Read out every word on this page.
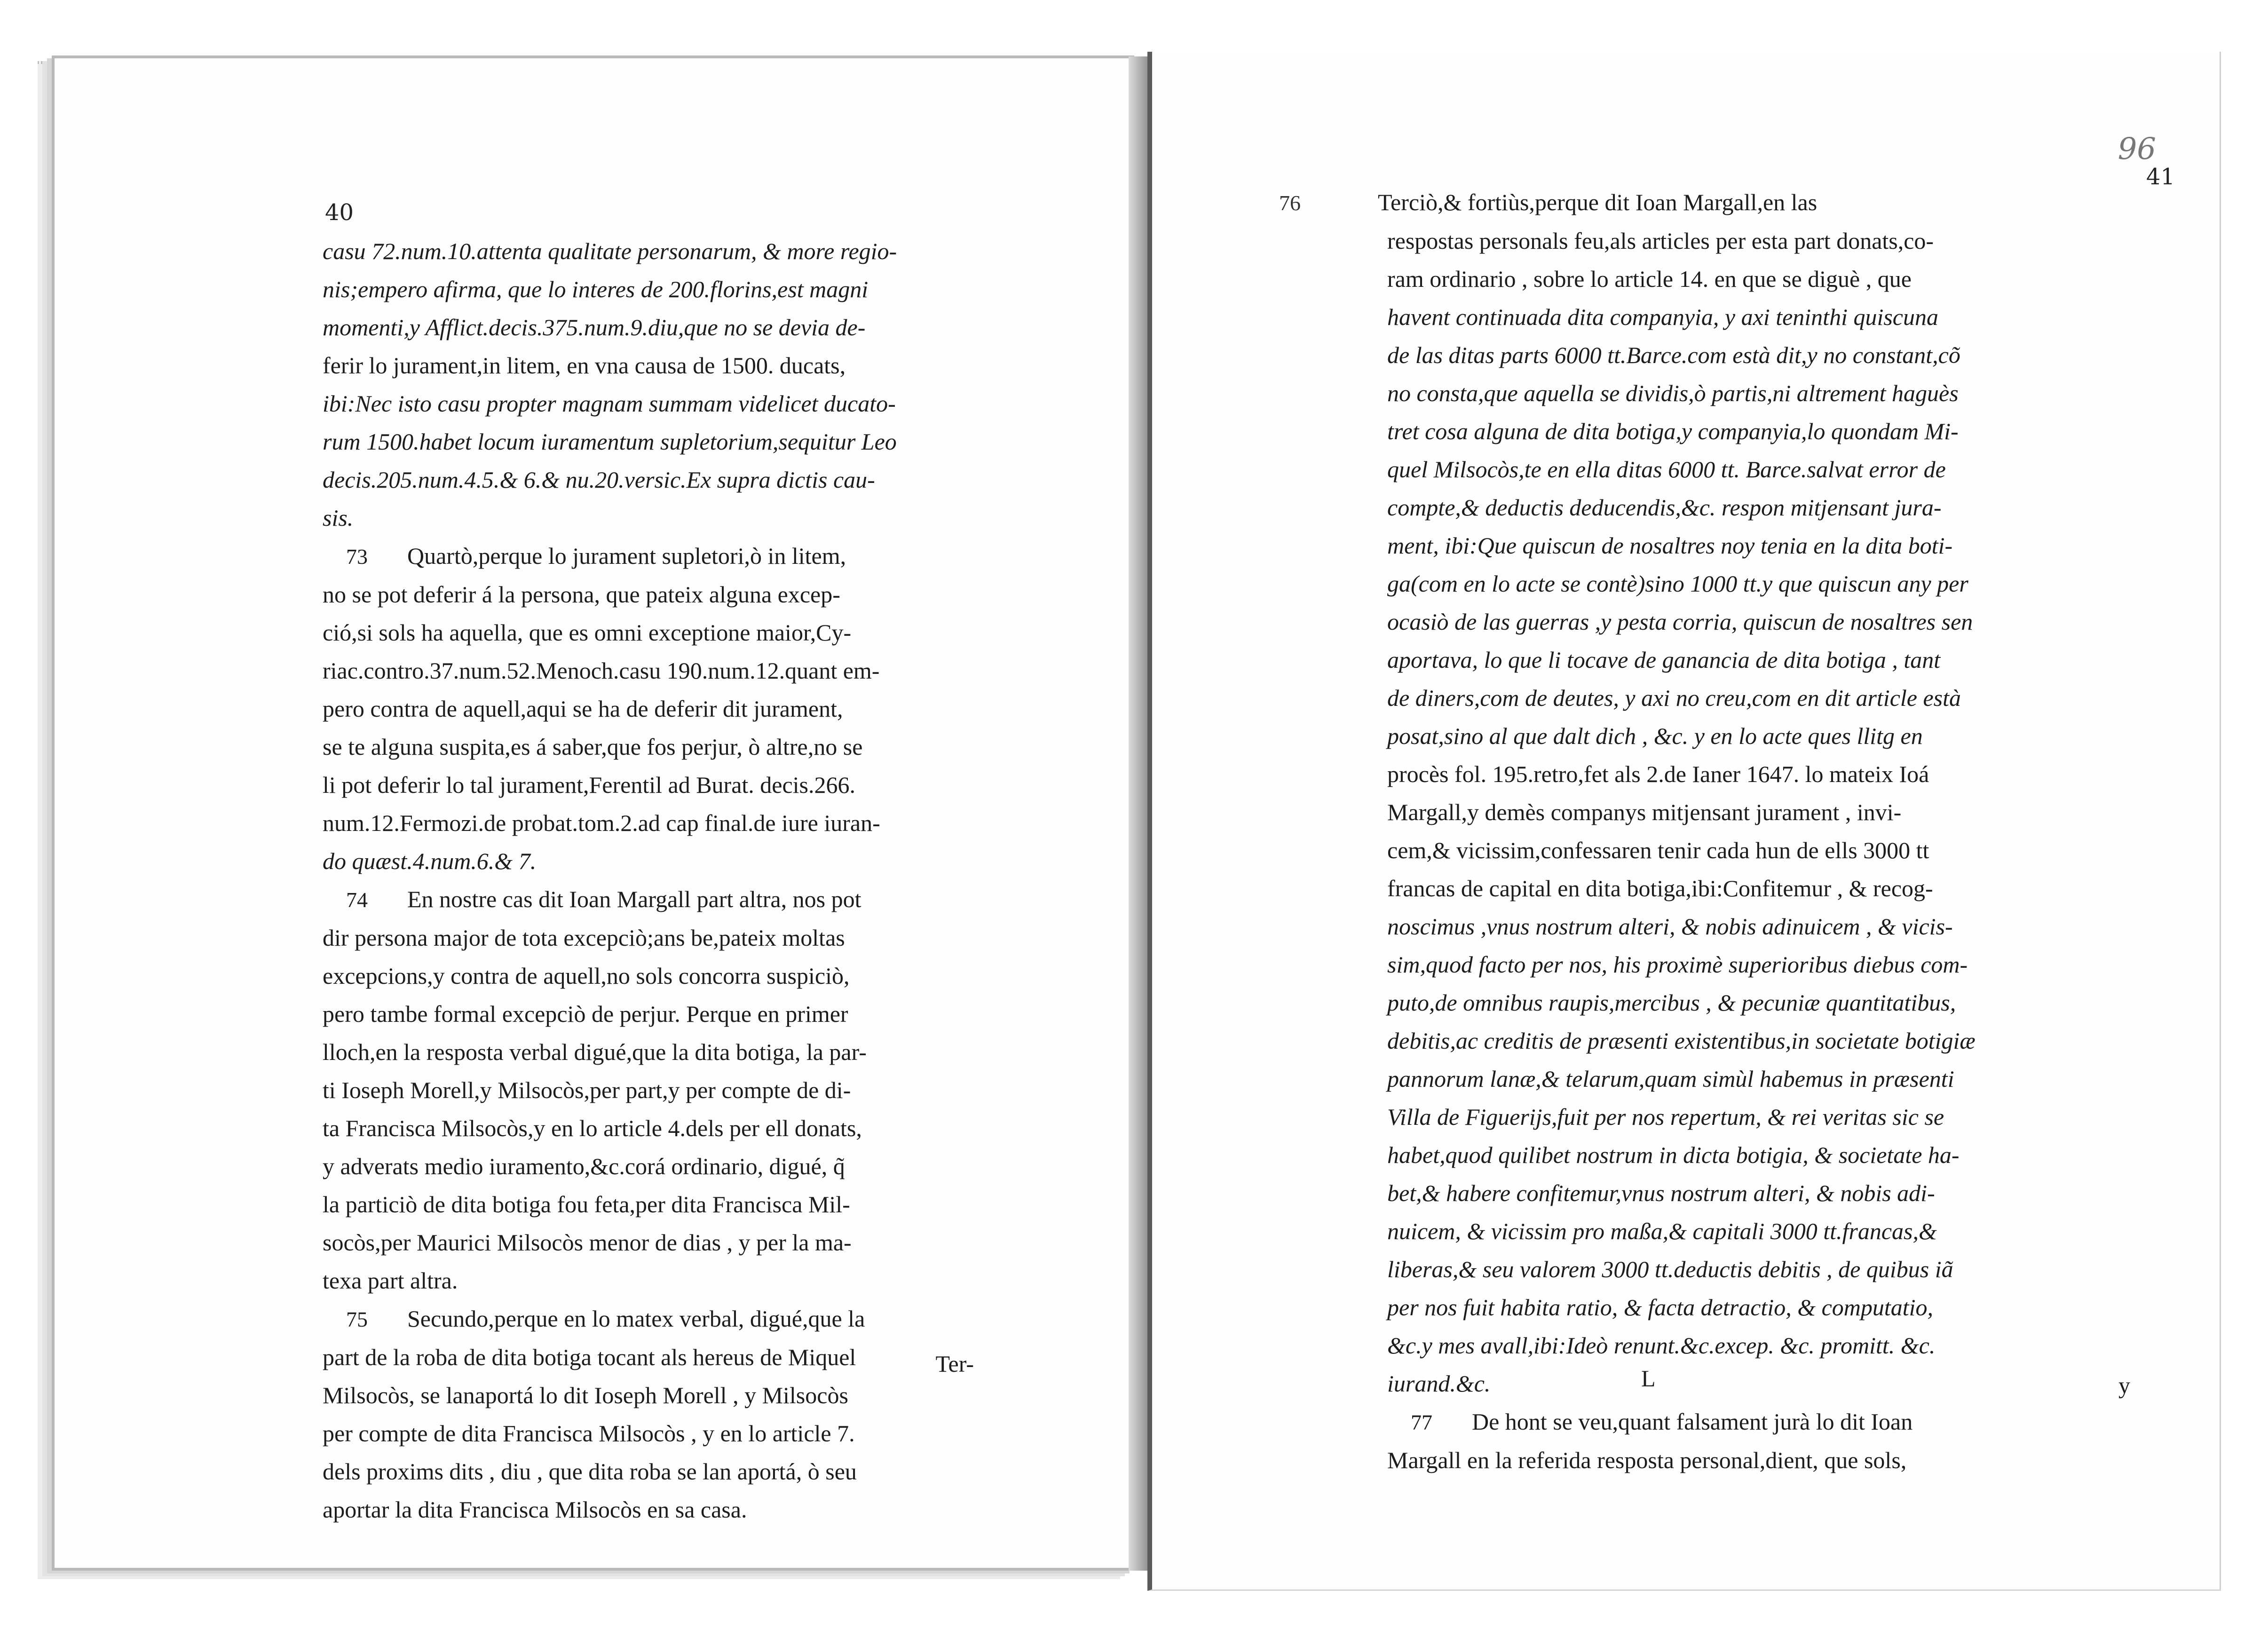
40
casu 72.num.10.attenta qualitate personarum, & more regio-
nis;empero afirma, que lo interes de 200.florins,est magni
momenti,y Afflict.decis.375.num.9.diu,que no se devia de-
ferir lo jurament,in litem, en vna causa de 1500. ducats,
ibi:Nec isto casu propter magnam summam videlicet ducato-
rum 1500.habet locum iuramentum supletorium,sequitur Leo
decis.205.num.4.5.& 6.& nu.20.versic.Ex supra dictis cau-
sis.
73 Quartò,perque lo jurament supletori,ò in litem,
no se pot deferir á la persona, que pateix alguna excep-
ció,si sols ha aquella, que es omni exceptione maior,Cy-
riac.contro.37.num.52.Menoch.casu 190.num.12.quant em-
pero contra de aquell,aqui se ha de deferir dit jurament,
se te alguna suspita,es á saber,que fos perjur, ò altre,no se
li pot deferir lo tal jurament,Ferentil ad Burat. decis.266.
num.12.Fermozi.de probat.tom.2.ad cap final.de iure iuran-
do quæst.4.num.6.& 7.
74 En nostre cas dit Ioan Margall part altra, nos pot
dir persona major de tota excepciò;ans be,pateix moltas
excepcions,y contra de aquell,no sols concorra suspiciò,
pero tambe formal excepciò de perjur. Perque en primer
lloch,en la resposta verbal digué,que la dita botiga, la par-
ti Ioseph Morell,y Milsocòs,per part,y per compte de di-
ta Francisca Milsocòs,y en lo article 4.dels per ell donats,
y adverats medio iuramento,&c.corá ordinario, digué, q̃
la particiò de dita botiga fou feta,per dita Francisca Mil-
socòs,per Maurici Milsocòs menor de dias , y per la ma-
texa part altra.
75 Secundo,perque en lo matex verbal, digué,que la
part de la roba de dita botiga tocant als hereus de Miquel
Milsocòs, se lanaportá lo dit Ioseph Morell , y Milsocòs
per compte de dita Francisca Milsocòs , y en lo article 7.
dels proxims dits , diu , que dita roba se lan aportá, ò seu
aportar la dita Francisca Milsocòs en sa casa.
Ter-
96
41
76	Terciò,& fortiùs,perque dit Ioan Margall,en las
respostas personals feu,als articles per esta part donats,co-
ram ordinario , sobre lo article 14. en que se diguè , que
havent continuada dita companyia, y axi teninthi quiscuna
de las ditas parts 6000 tt.Barce.com està dit,y no constant,cõ
no consta,que aquella se dividis,ò partis,ni altrement haguès
tret cosa alguna de dita botiga,y companyia,lo quondam Mi-
quel Milsocòs,te en ella ditas 6000 tt. Barce.salvat error de
compte,& deductis deducendis,&c. respon mitjensant jura-
ment, ibi:Que quiscun de nosaltres noy tenia en la dita boti-
ga(com en lo acte se contè)sino 1000 tt.y que quiscun any per
ocasiò de las guerras ,y pesta corria, quiscun de nosaltres sen
aportava, lo que li tocave de ganancia de dita botiga , tant
de diners,com de deutes, y axi no creu,com en dit article està
posat,sino al que dalt dich , &c. y en lo acte ques llitg en
procès fol. 195.retro,fet als 2.de Ianer 1647. lo mateix Ioá
Margall,y demès companys mitjensant jurament , invi-
cem,& vicissim,confessaren tenir cada hun de ells 3000 tt
francas de capital en dita botiga,ibi:Confitemur , & recog-
noscimus ,vnus nostrum alteri, & nobis adinuicem , & vicis-
sim,quod facto per nos, his proximè superioribus diebus com-
puto,de omnibus raupis,mercibus , & pecuniæ quantitatibus,
debitis,ac creditis de præsenti existentibus,in societate botigiæ
pannorum lanæ,& telarum,quam simùl habemus in præsenti
Villa de Figuerijs,fuit per nos repertum, & rei veritas sic se
habet,quod quilibet nostrum in dicta botigia, & societate ha-
bet,& habere confitemur,vnus nostrum alteri, & nobis adi-
nuicem, & vicissim pro maßa,& capitali 3000 tt.francas,&
liberas,& seu valorem 3000 tt.deductis debitis , de quibus iã
per nos fuit habita ratio, & facta detractio, & computatio,
&c.y mes avall,ibi:Ideò renunt.&c.excep. &c. promitt. &c.
iurand.&c.
77 De hont se veu,quant falsament jurà lo dit Ioan
Margall en la referida resposta personal,dient, que sols,
L	y
